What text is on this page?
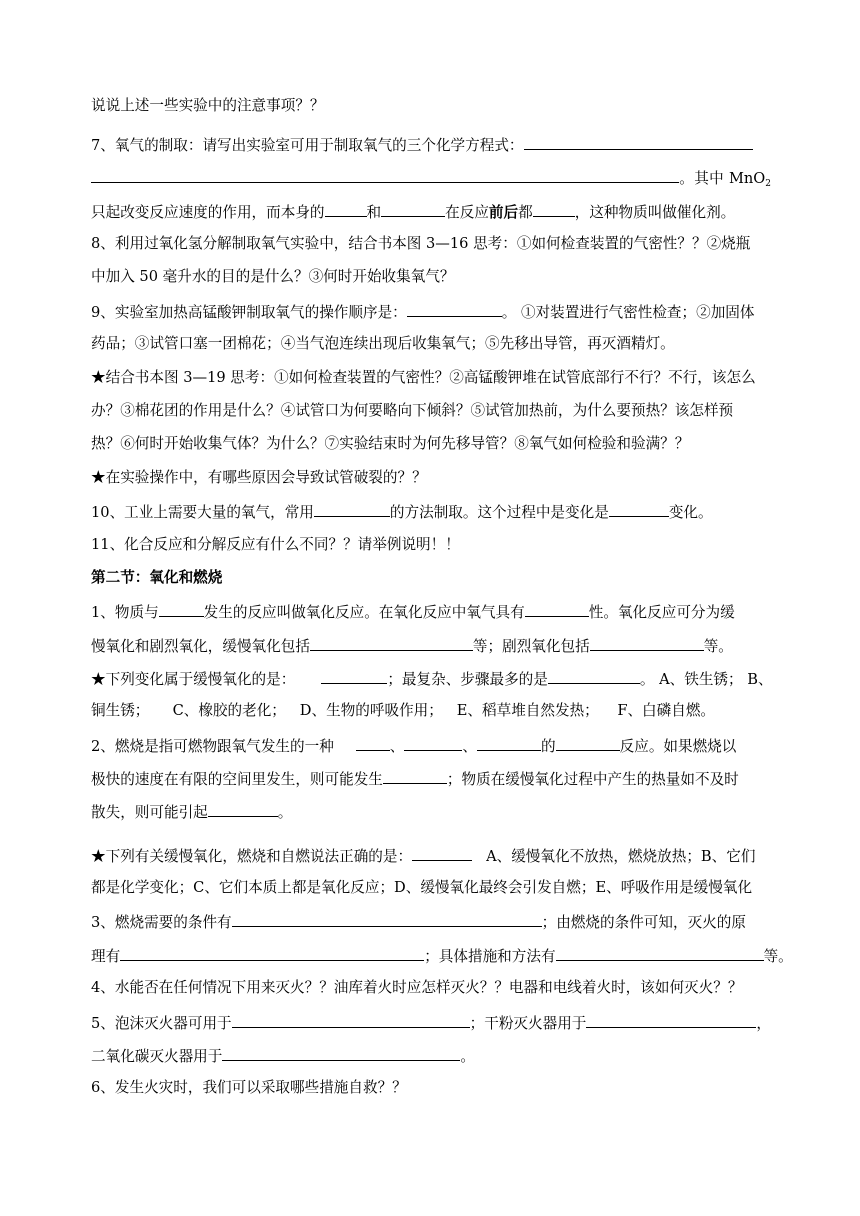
说说上述一些实验中的注意事项？？
7、氧气的制取：请写出实验室可用于制取氧气的三个化学方程式：
。其中 MnO$_2$
只起改变反应速度的作用，而本身的	和	在反应前后都	，这种物质叫做催化剂。
8、利用过氧化氢分解制取氧气实验中，结合书本图 3—16 思考：①如何检查装置的气密性？？②烧瓶
中加入 50 毫升水的目的是什么？③何时开始收集氧气？
9、实验室加热高锰酸钾制取氧气的操作顺序是：	。 ①对装置进行气密性检查；②加固体
药品；③试管口塞一团棉花；④当气泡连续出现后收集氧气；⑤先移出导管，再灭酒精灯。
★结合书本图 3—19 思考：①如何检查装置的气密性？②高锰酸钾堆在试管底部行不行？不行，该怎么
办？③棉花团的作用是什么？④试管口为何要略向下倾斜？⑤试管加热前，为什么要预热？该怎样预
热？⑥何时开始收集气体？为什么？⑦实验结束时为何先移导管？⑧氧气如何检验和验满？？
★在实验操作中，有哪些原因会导致试管破裂的？？
10、工业上需要大量的氧气，常用	的方法制取。这个过程中是变化是	变化。
11、化合反应和分解反应有什么不同？？请举例说明！！
第二节：氧化和燃烧
1、物质与	发生的反应叫做氧化反应。在氧化反应中氧气具有	性。氧化反应可分为缓
慢氧化和剧烈氧化，缓慢氧化包括	等；剧烈氧化包括	等。
★下列变化属于缓慢氧化的是：	；最复杂、步骤最多的是	。 A、铁生锈； B、
铜生锈；     C、橡胶的老化；   D、生物的呼吸作用；   E、稻草堆自然发热；    F、白磷自燃。
2、燃烧是指可燃物跟氧气发生的一种	、	、	的	反应。如果燃烧以
极快的速度在有限的空间里发生，则可能发生	；物质在缓慢氧化过程中产生的热量如不及时
散失，则可能引起	。
★下列有关缓慢氧化，燃烧和自燃说法正确的是：	A、缓慢氧化不放热，燃烧放热；B、它们
都是化学变化；C、它们本质上都是氧化反应；D、缓慢氧化最终会引发自燃；E、呼吸作用是缓慢氧化
3、燃烧需要的条件有	；由燃烧的条件可知，灭火的原
理有	；具体措施和方法有	等。
4、水能否在任何情况下用来灭火？？油库着火时应怎样灭火？？电器和电线着火时，该如何灭火？？
5、泡沫灭火器可用于	；干粉灭火器用于	，
二氧化碳灭火器用于	。
6、发生火灾时，我们可以采取哪些措施自救？？
